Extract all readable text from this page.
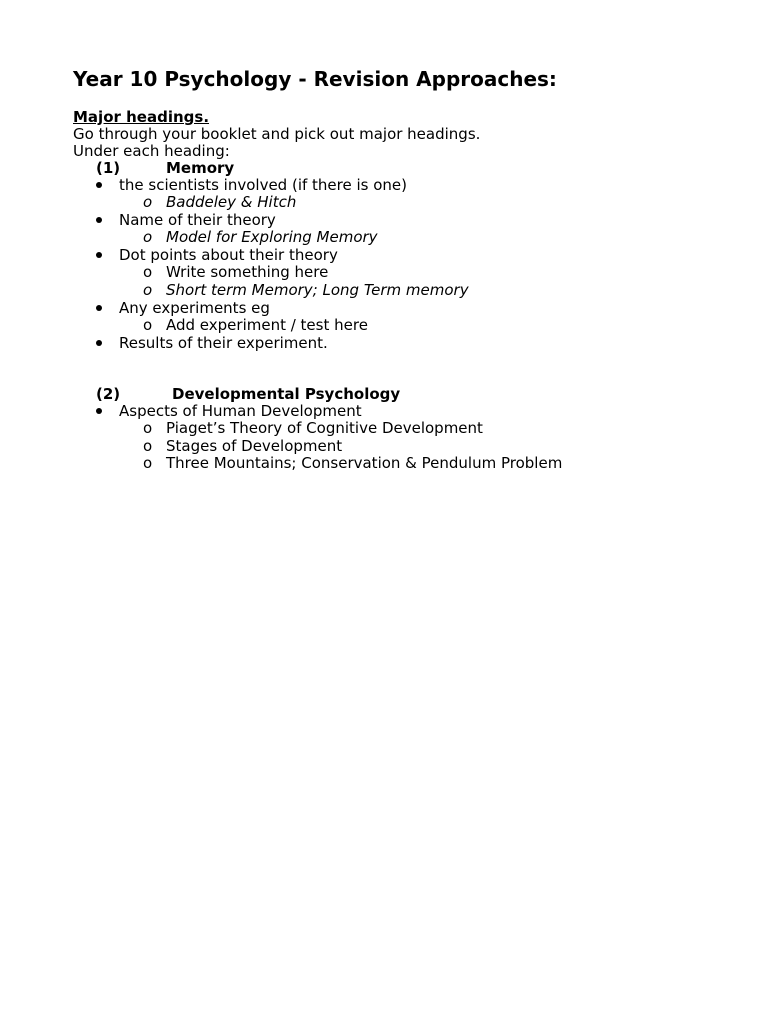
Year 10 Psychology - Revision Approaches:
Major headings.
Go through your booklet and pick out major headings.
Under each heading:
(1)	Memory
the scientists involved (if there is one)
o Baddeley & Hitch
Name of their theory
o Model for Exploring Memory
Dot points about their theory
o Write something here
o Short term Memory; Long Term memory
Any experiments eg
o Add experiment / test here
Results of their experiment.
(2)	Developmental Psychology
Aspects of Human Development
o Piaget’s Theory of Cognitive Development
o Stages of Development
o Three Mountains; Conservation & Pendulum Problem
